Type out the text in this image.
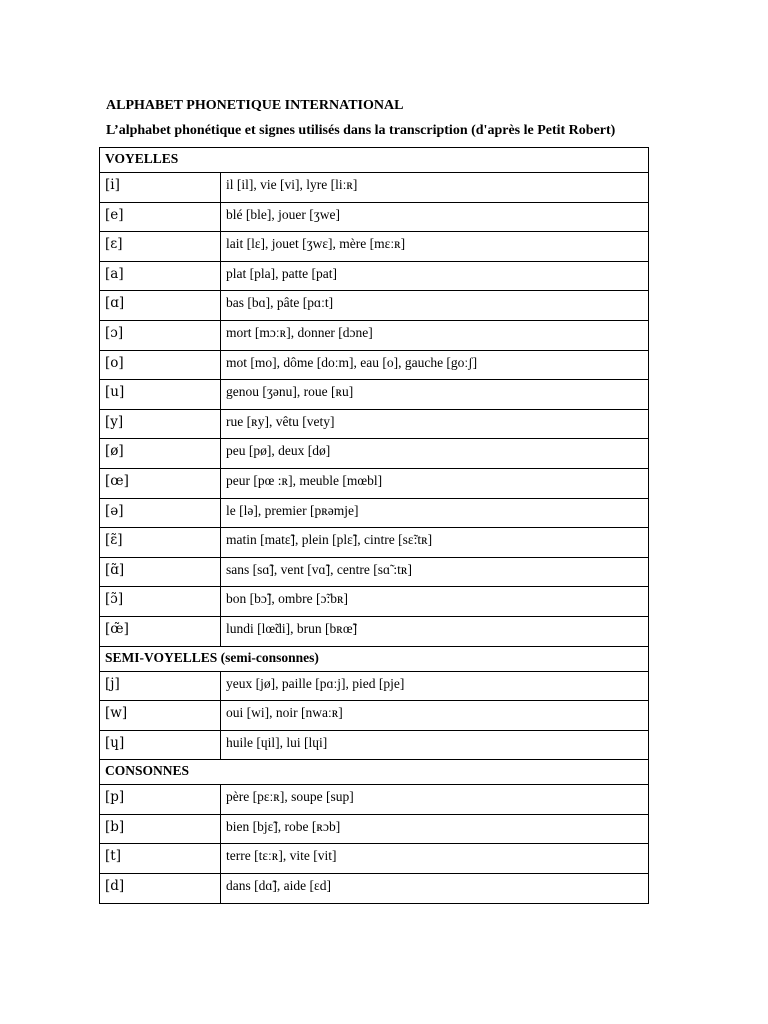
ALPHABET PHONETIQUE INTERNATIONAL
L’alphabet phonétique et signes utilisés dans la transcription (d'après le Petit Robert)
VOYELLES	
[i]	il [il], vie [vi], lyre [liːʀ]
[e]	blé [ble], jouer [ʒwe]
[ɛ]	lait [lɛ], jouet [ʒwɛ], mère [mɛːʀ]
[a]	plat [pla], patte [pat]
[ɑ]	bas [bɑ], pâte [pɑːt]
[ɔ]	mort [mɔːʀ], donner [dɔne]
[o]	mot [mo], dôme [doːm], eau [o], gauche [goːʃ]
[u]	genou [ʒənu], roue [ʀu]
[y]	rue [ʀy], vêtu [vety]
[ø]	peu [pø], deux [dø]
[œ]	peur [pœ :ʀ], meuble [mœbl]
[ə]	le [lə], premier [pʀəmje]
[ɛ̃]	matin [matɛ̃], plein [plɛ̃], cintre [sɛ̃:tʀ]
[ɑ̃]	sans [sɑ̃], vent [vɑ̃], centre [sɑ̃ :tʀ]
[ɔ̃]	bon [bɔ̃], ombre [ɔ̃:bʀ]
[œ̃]	lundi [lœ̃di], brun [bʀœ̃]
SEMI-VOYELLES (semi-consonnes)	
[j]	yeux [jø], paille [pɑːj], pied [pje]
[w]	oui [wi], noir [nwaːʀ]
[ɥ]	huile [ɥil], lui [lɥi]
CONSONNES	
[p]	père [pɛːʀ], soupe [sup]
[b]	bien [bjɛ̃], robe [ʀɔb]
[t]	terre [tɛːʀ], vite [vit]
[d]	dans [dɑ̃], aide [ɛd]
